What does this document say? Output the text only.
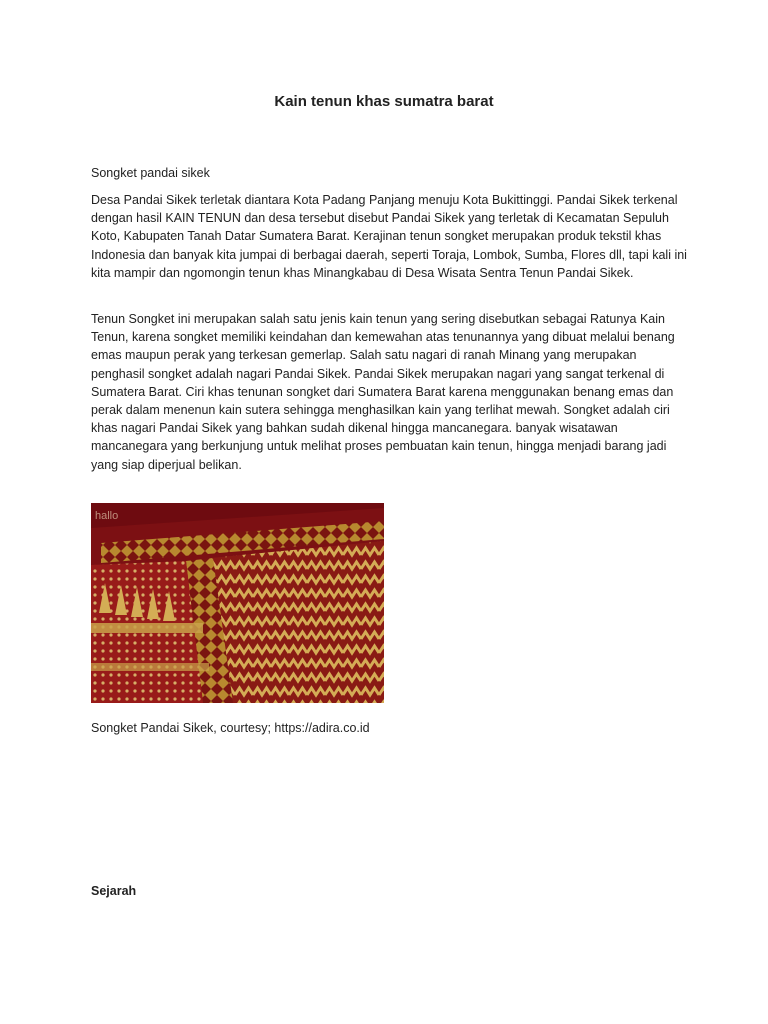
Kain tenun khas sumatra barat
Songket pandai sikek

Desa Pandai Sikek terletak diantara Kota Padang Panjang menuju Kota Bukittinggi. Pandai Sikek terkenal dengan hasil KAIN TENUN dan desa tersebut disebut Pandai Sikek yang terletak di Kecamatan Sepuluh Koto, Kabupaten Tanah Datar Sumatera Barat. Kerajinan tenun songket merupakan produk tekstil khas Indonesia dan banyak kita jumpai di berbagai daerah, seperti Toraja, Lombok, Sumba, Flores dll, tapi kali ini kita mampir dan ngomongin tenun khas Minangkabau di Desa Wisata Sentra Tenun Pandai Sikek.

Tenun Songket ini merupakan salah satu jenis kain tenun yang sering disebutkan sebagai Ratunya Kain Tenun, karena songket memiliki keindahan dan kemewahan atas tenunannya yang dibuat melalui benang emas maupun perak yang terkesan gemerlap. Salah satu nagari di ranah Minang yang merupakan penghasil songket adalah nagari Pandai Sikek. Pandai Sikek merupakan nagari yang sangat terkenal di Sumatera Barat. Ciri khas tenunan songket dari Sumatera Barat karena menggunakan benang emas dan perak dalam menenun kain sutera sehingga menghasilkan kain yang terlihat mewah. Songket adalah ciri khas nagari Pandai Sikek yang bahkan sudah dikenal hingga mancanegara. banyak wisatawan mancanegara yang berkunjung untuk melihat proses pembuatan kain tenun, hingga menjadi barang jadi yang siap diperjual belikan.

hallo
Songket Pandai Sikek, courtesy; https://adira.co.id
Sejarah
